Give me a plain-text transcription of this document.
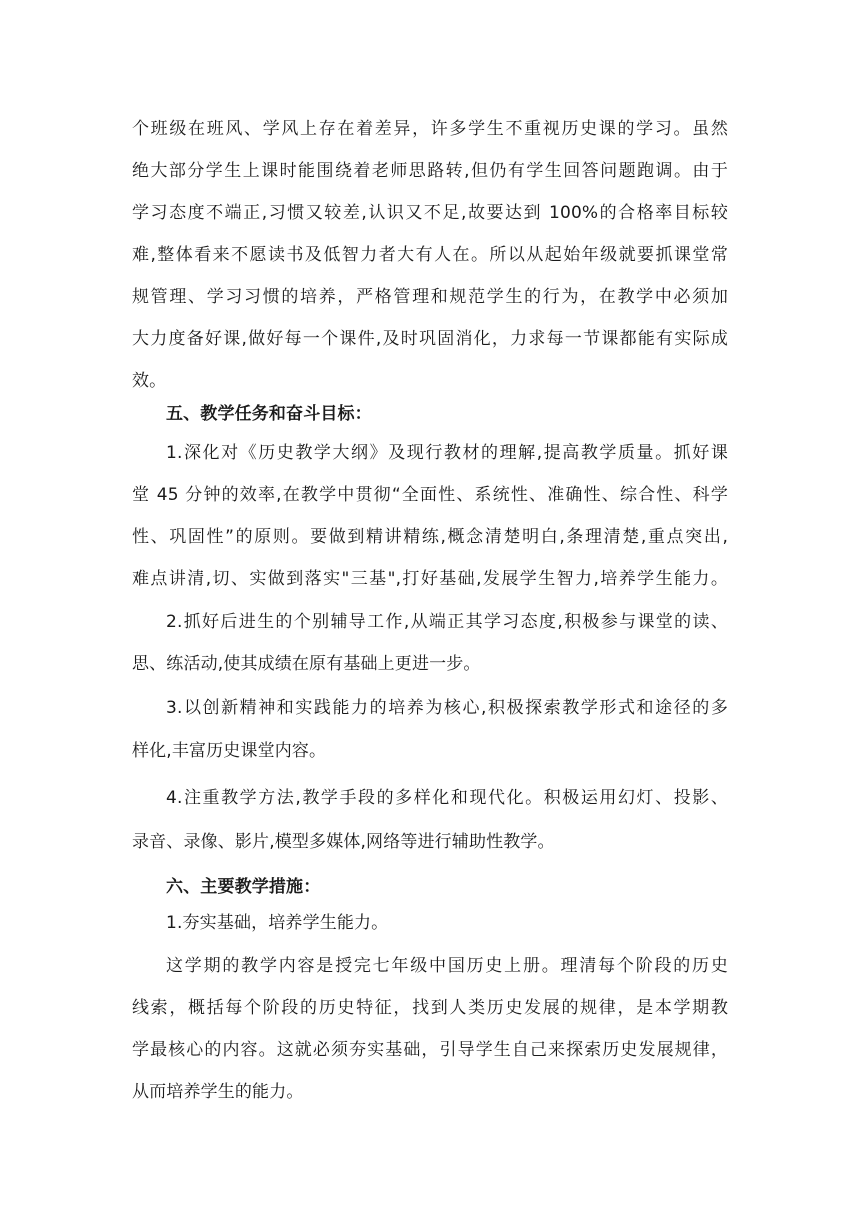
个班级在班风、学风上存在着差异，许多学生不重视历史课的学习。虽然
绝大部分学生上课时能围绕着老师思路转,但仍有学生回答问题跑调。由于
学习态度不端正,习惯又较差,认识又不足,故要达到 100%的合格率目标较
难,整体看来不愿读书及低智力者大有人在。所以从起始年级就要抓课堂常
规管理、学习习惯的培养，严格管理和规范学生的行为，在教学中必须加
大力度备好课,做好每一个课件,及时巩固消化，力求每一节课都能有实际成
效。
五、教学任务和奋斗目标：
1.深化对《历史教学大纲》及现行教材的理解,提高教学质量。抓好课
堂 45 分钟的效率,在教学中贯彻“全面性、系统性、准确性、综合性、科学
性、巩固性”的原则。要做到精讲精练,概念清楚明白,条理清楚,重点突出,
难点讲清,切、实做到落实"三基",打好基础,发展学生智力,培养学生能力。
2.抓好后进生的个别辅导工作,从端正其学习态度,积极参与课堂的读、
思、练活动,使其成绩在原有基础上更进一步。
3.以创新精神和实践能力的培养为核心,积极探索教学形式和途径的多
样化,丰富历史课堂内容。
4.注重教学方法,教学手段的多样化和现代化。积极运用幻灯、投影、
录音、录像、影片,模型多媒体,网络等进行辅助性教学。
六、主要教学措施：
1.夯实基础，培养学生能力。
这学期的教学内容是授完七年级中国历史上册。理清每个阶段的历史
线索，概括每个阶段的历史特征，找到人类历史发展的规律，是本学期教
学最核心的内容。这就必须夯实基础，引导学生自己来探索历史发展规律，
从而培养学生的能力。
